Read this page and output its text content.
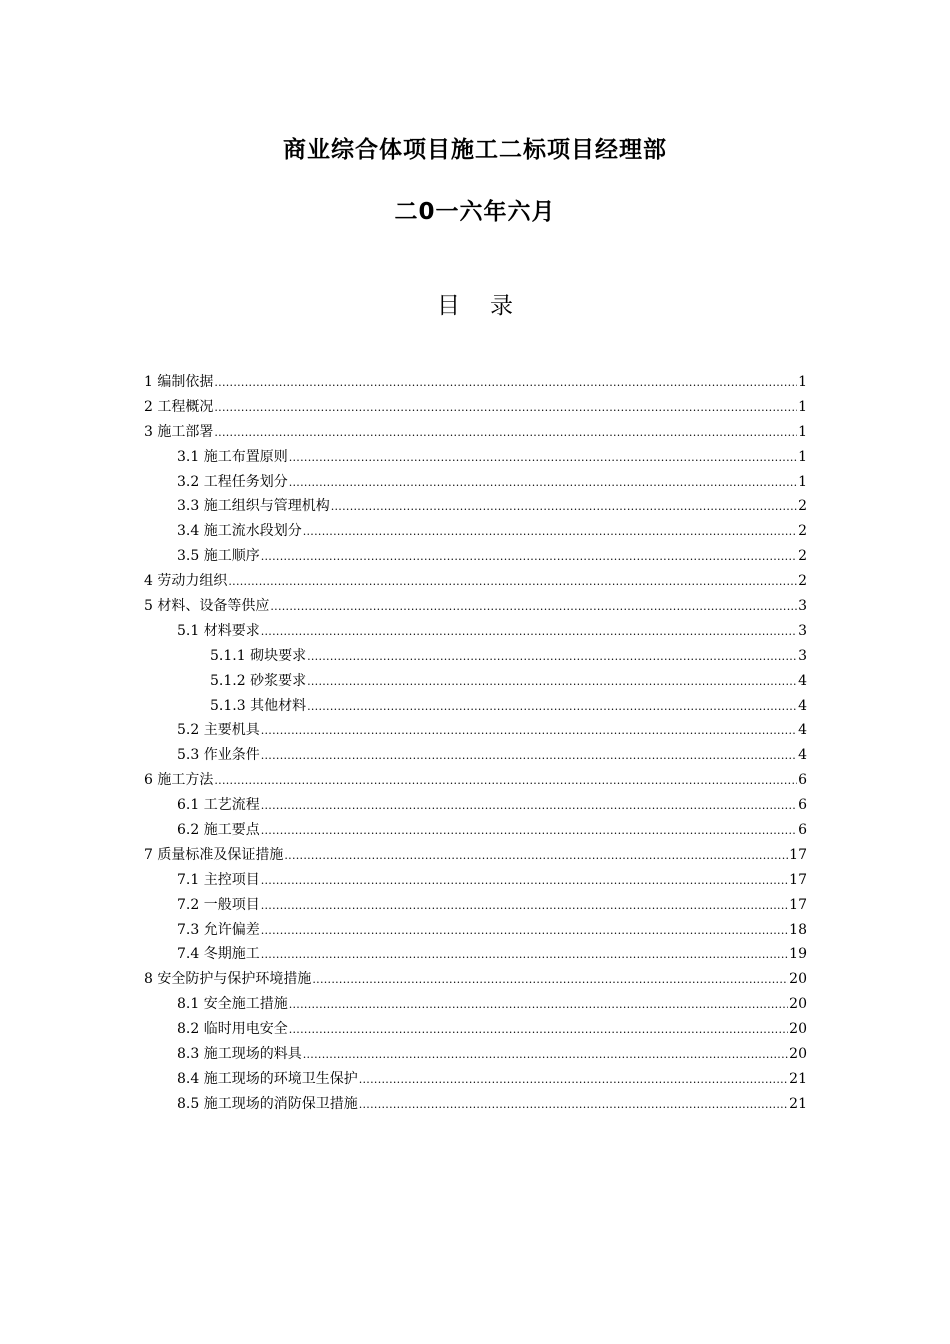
商业综合体项目施工二标项目经理部
二0一六年六月
目录
1 编制依据 .....	1
2 工程概况 .....	1
3 施工部署 .....	1
3.1 施工布置原则 .....	1
3.2 工程任务划分 .....	1
3.3 施工组织与管理机构 .....	2
3.4 施工流水段划分 .....	2
3.5 施工顺序 .....	2
4 劳动力组织 .....	2
5 材料、设备等供应 .....	3
5.1 材料要求 .....	3
5.1.1 砌块要求 .....	3
5.1.2 砂浆要求 .....	4
5.1.3 其他材料 .....	4
5.2 主要机具 .....	4
5.3 作业条件 .....	4
6 施工方法 .....	6
6.1 工艺流程 .....	6
6.2 施工要点 .....	6
7 质量标准及保证措施 .....	17
7.1 主控项目 .....	17
7.2 一般项目 .....	17
7.3 允许偏差 .....	18
7.4 冬期施工 .....	19
8 安全防护与保护环境措施 .....	20
8.1 安全施工措施 .....	20
8.2 临时用电安全 .....	20
8.3 施工现场的料具 .....	20
8.4 施工现场的环境卫生保护 .....	21
8.5 施工现场的消防保卫措施 .....	21
